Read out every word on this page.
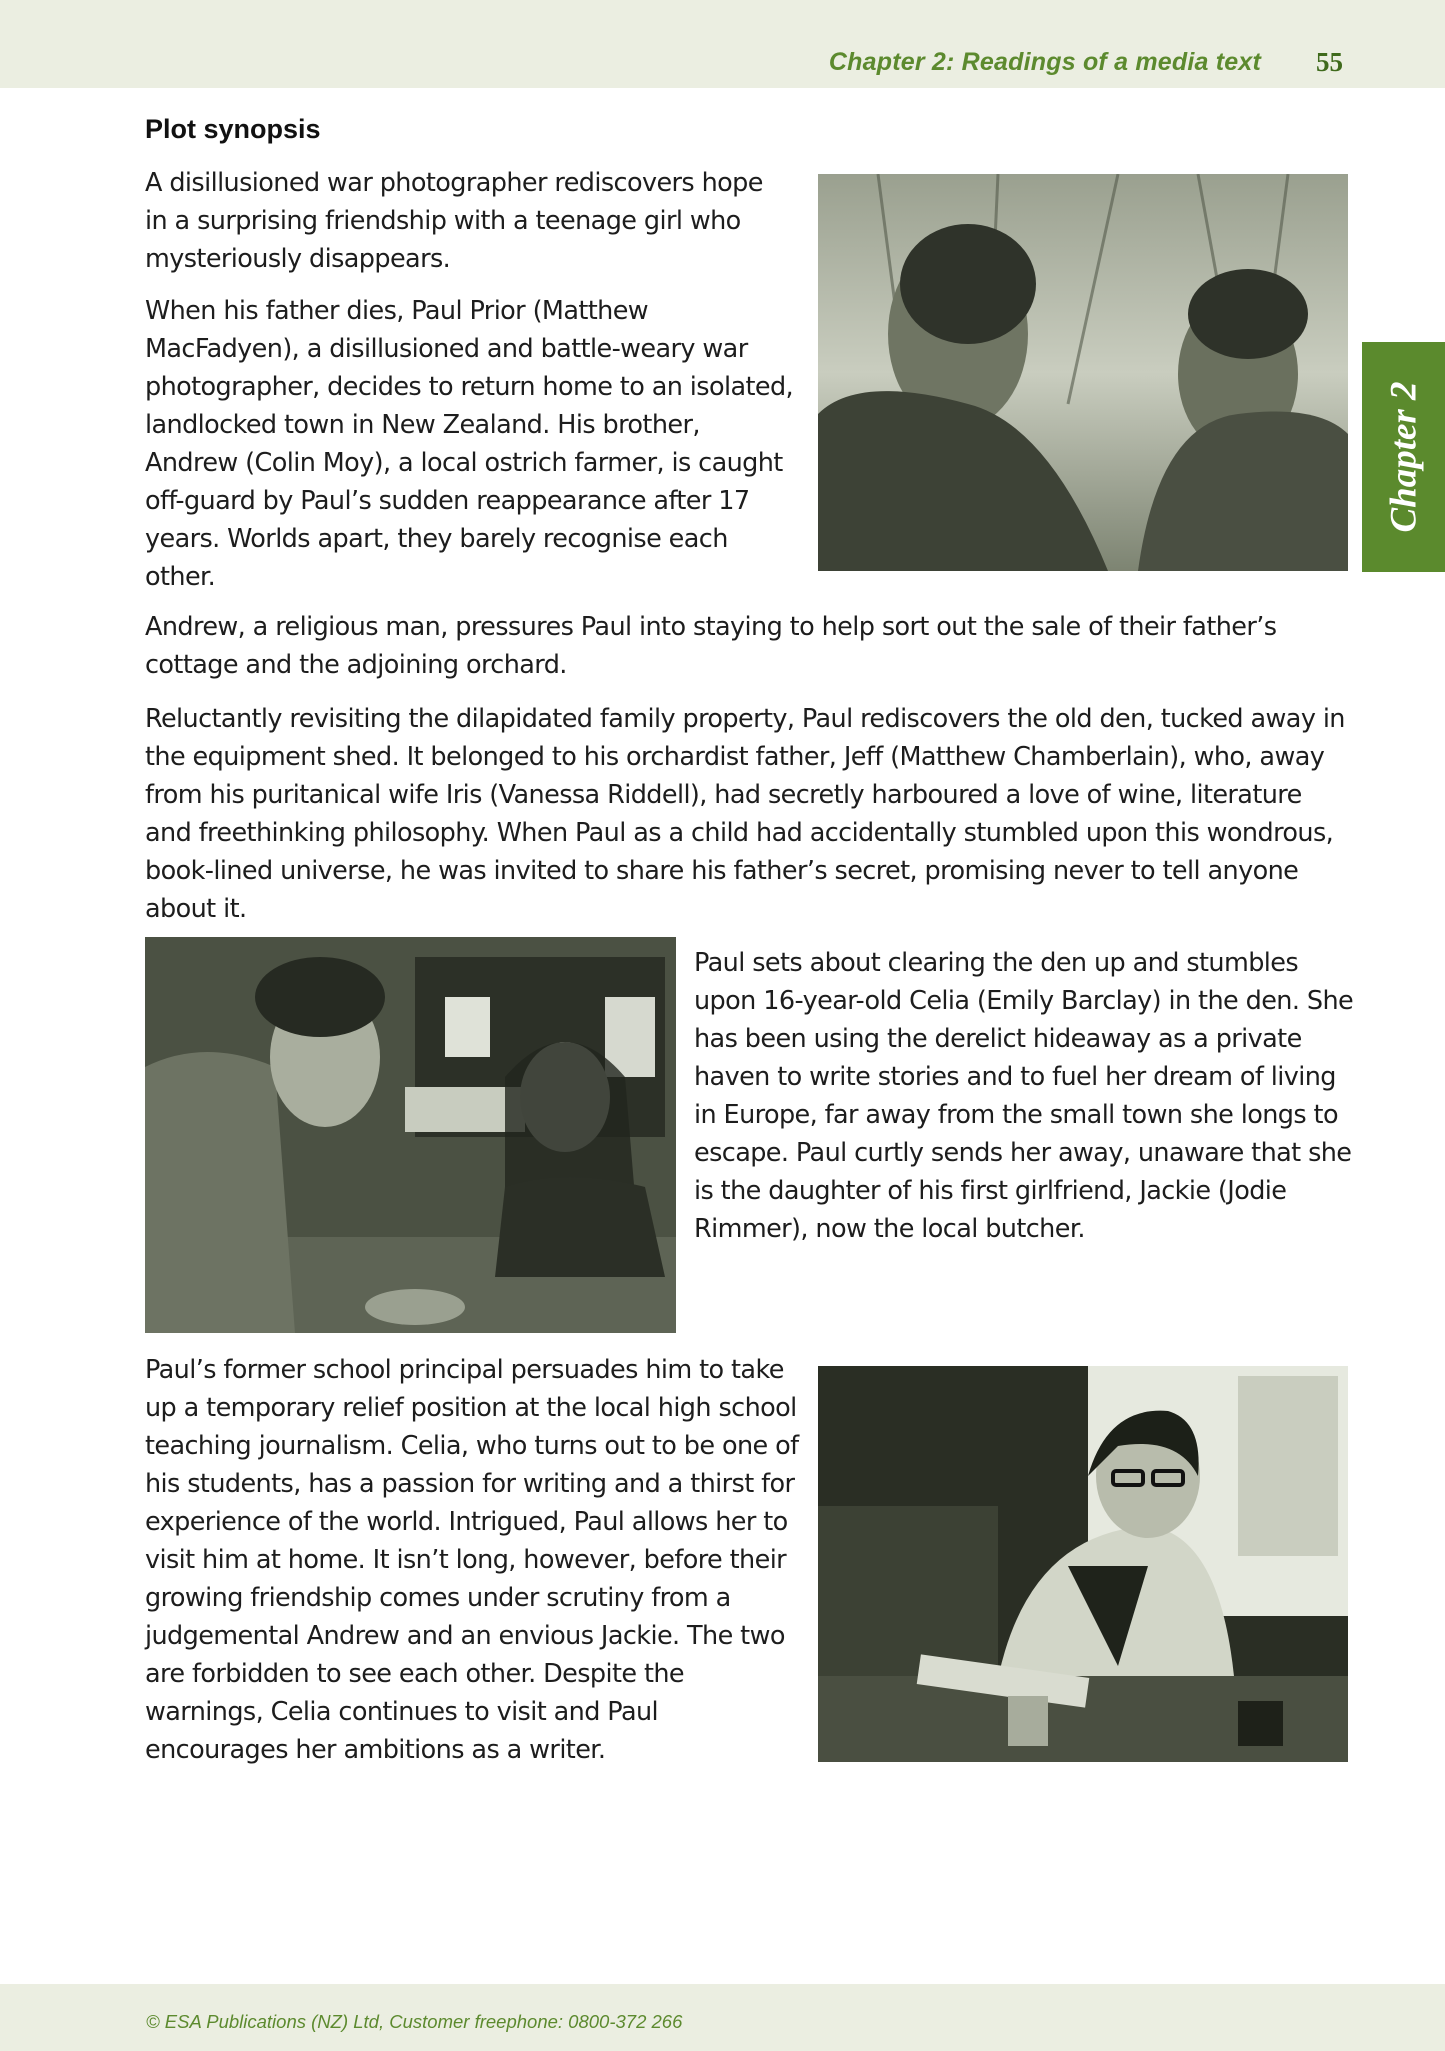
Chapter 2: Readings of a media text 55
Chapter 2
Plot synopsis

A disillusioned war photographer rediscovers hope in a surprising friendship with a teenage girl who mysteriously disappears.

When his father dies, Paul Prior (Matthew MacFadyen), a disillusioned and battle-weary war photographer, decides to return home to an isolated, landlocked town in New Zealand. His brother, Andrew (Colin Moy), a local ostrich farmer, is caught off-guard by Paul’s sudden reappearance after 17 years. Worlds apart, they barely recognise each other.

Andrew, a religious man, pressures Paul into staying to help sort out the sale of their father’s cottage and the adjoining orchard.

Reluctantly revisiting the dilapidated family property, Paul rediscovers the old den, tucked away in the equipment shed. It belonged to his orchardist father, Jeff (Matthew Chamberlain), who, away from his puritanical wife Iris (Vanessa Riddell), had secretly harboured a love of wine, literature and freethinking philosophy. When Paul as a child had accidentally stumbled upon this wondrous, book-lined universe, he was invited to share his father’s secret, promising never to tell anyone about it.

Paul sets about clearing the den up and stumbles upon 16-year-old Celia (Emily Barclay) in the den. She has been using the derelict hideaway as a private haven to write stories and to fuel her dream of living in Europe, far away from the small town she longs to escape. Paul curtly sends her away, unaware that she is the daughter of his first girlfriend, Jackie (Jodie Rimmer), now the local butcher.

Paul’s former school principal persuades him to take up a temporary relief position at the local high school teaching journalism. Celia, who turns out to be one of his students, has a passion for writing and a thirst for experience of the world. Intrigued, Paul allows her to visit him at home. It isn’t long, however, before their growing friendship comes under scrutiny from a judgemental Andrew and an envious Jackie. The two are forbidden to see each other. Despite the warnings, Celia continues to visit and Paul encourages her ambitions as a writer.

© ESA Publications (NZ) Ltd, Customer freephone: 0800-372 266
